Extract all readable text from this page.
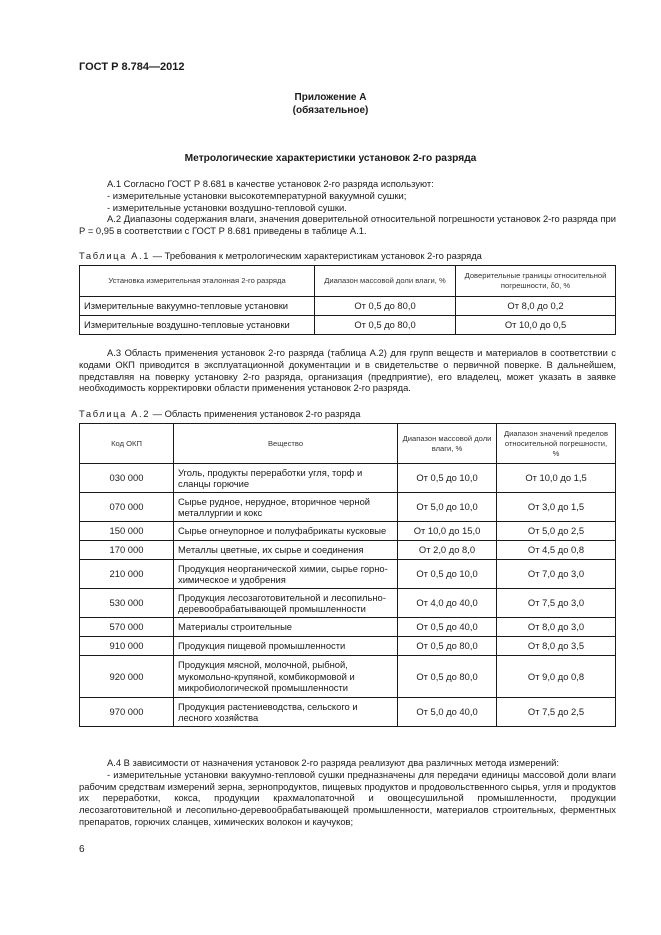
ГОСТ Р 8.784—2012
Приложение А
(обязательное)
Метрологические характеристики установок 2-го разряда

А.1 Согласно ГОСТ Р 8.681 в качестве установок 2-го разряда используют:

- измерительные установки высокотемпературной вакуумной сушки;

- измерительные установки воздушно-тепловой сушки.

А.2 Диапазоны содержания влаги, значения доверительной относительной погрешности установок 2-го разряда при Р = 0,95 в соответствии с ГОСТ Р 8.681 приведены в таблице А.1.

Таблица А.1 — Требования к метрологическим характеристикам установок 2-го разряда
Установка измерительная эталонная 2-го разряда	Диапазон массовой доли влаги, %	Доверительные границы относительной погрешности, δ0, %
Измерительные вакуумно-тепловые установки	От 0,5 до 80,0	От 8,0 до 0,2
Измерительные воздушно-тепловые установки	От 0,5 до 80,0	От 10,0 до 0,5
А.3 Область применения установок 2-го разряда (таблица А.2) для групп веществ и материалов в соответствии с кодами ОКП приводится в эксплуатационной документации и в свидетельстве о первичной поверке. В дальнейшем, представляя на поверку установку 2-го разряда, организация (предприятие), его владелец, может указать в заявке необходимость корректировки области применения установок 2-го разряда.
Таблица А.2 — Область применения установок 2-го разряда
Код ОКП	Вещество	Диапазон массовой доли влаги, %	Диапазон значений пределов относительной погрешности, %
030 000	Уголь, продукты переработки угля, торф и сланцы горючие	От 0,5 до 10,0	От 10,0 до 1,5
070 000	Сырье рудное, нерудное, вторичное черной металлургии и кокс	От 5,0 до 10,0	От 3,0 до 1,5
150 000	Сырье огнеупорное и полуфабрикаты кусковые	От 10,0 до 15,0	От 5,0 до 2,5
170 000	Металлы цветные, их сырье и соединения	От 2,0 до 8,0	От 4,5 до 0,8
210 000	Продукция неорганической химии, сырье горно-химическое и удобрения	От 0,5 до 10,0	От 7,0 до 3,0
530 000	Продукция лесозаготовительной и лесопильно-деревообрабатывающей промышленности	От 4,0 до 40,0	От 7,5 до 3,0
570 000	Материалы строительные	От 0,5 до 40,0	От 8,0 до 3,0
910 000	Продукция пищевой промышленности	От 0,5 до 80,0	От 8,0 до 3,5
920 000	Продукция мясной, молочной, рыбной, мукомольно-крупяной, комбикормовой и микробиологической промышленности	От 0,5 до 80,0	От 9,0 до 0,8
970 000	Продукция растениеводства, сельского и лесного хозяйства	От 5,0 до 40,0	От 7,5 до 2,5

А.4 В зависимости от назначения установок 2-го разряда реализуют два различных метода измерений:

- измерительные установки вакуумно-тепловой сушки предназначены для передачи единицы массовой доли влаги рабочим средствам измерений зерна, зернопродуктов, пищевых продуктов и продовольственного сырья, угля и продуктов их переработки, кокса, продукции крахмалопаточной и овощесушильной промышленности, продукции лесозаготовительной и лесопильно-деревообрабатывающей промышленности, материалов строительных, ферментных препаратов, горючих сланцев, химических волокон и каучуков;

6
